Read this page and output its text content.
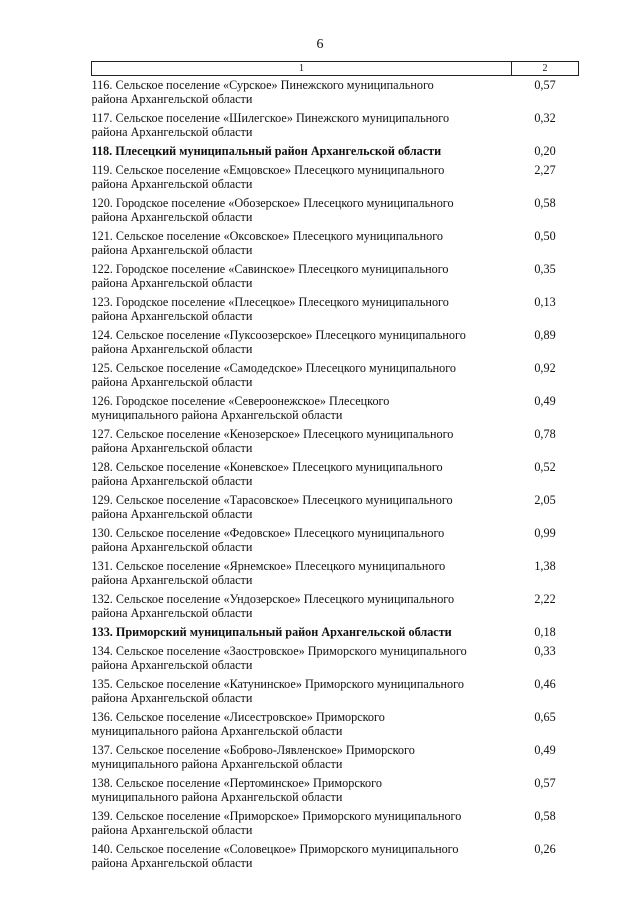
6
1	2

116. Сельское поселение «Сурское» Пинежского муниципального
района Архангельской области	0,57

117. Сельское поселение «Шилегское» Пинежского муниципального
района Архангельской области	0,32

118. Плесецкий муниципальный район Архангельской области	0,20

119. Сельское поселение «Емцовское» Плесецкого муниципального
района Архангельской области	2,27

120. Городское поселение «Обозерское» Плесецкого муниципального
района Архангельской области	0,58

121. Сельское поселение «Оксовское» Плесецкого муниципального
района Архангельской области	0,50

122. Городское поселение «Савинское» Плесецкого муниципального
района Архангельской области	0,35

123. Городское поселение «Плесецкое» Плесецкого муниципального
района Архангельской области	0,13

124. Сельское поселение «Пуксоозерское» Плесецкого муниципального
района Архангельской области	0,89

125. Сельское поселение «Самодедское» Плесецкого муниципального
района Архангельской области	0,92

126. Городское поселение «Североонежское» Плесецкого
муниципального района Архангельской области	0,49

127. Сельское поселение «Кенозерское» Плесецкого муниципального
района Архангельской области	0,78

128. Сельское поселение «Коневское» Плесецкого муниципального
района Архангельской области	0,52

129. Сельское поселение «Тарасовское» Плесецкого муниципального
района Архангельской области	2,05

130. Сельское поселение «Федовское» Плесецкого муниципального
района Архангельской области	0,99

131. Сельское поселение «Ярнемское» Плесецкого муниципального
района Архангельской области	1,38

132. Сельское поселение «Ундозерское» Плесецкого муниципального
района Архангельской области	2,22

133. Приморский муниципальный район Архангельской области	0,18

134. Сельское поселение «Заостровское» Приморского муниципального
района Архангельской области	0,33

135. Сельское поселение «Катунинское» Приморского муниципального
района Архангельской области	0,46

136. Сельское поселение «Лисестровское» Приморского
муниципального района Архангельской области	0,65

137. Сельское поселение «Боброво-Лявленское» Приморского
муниципального района Архангельской области	0,49

138. Сельское поселение «Пертоминское» Приморского
муниципального района Архангельской области	0,57

139. Сельское поселение «Приморское» Приморского муниципального
района Архангельской области	0,58

140. Сельское поселение «Соловецкое» Приморского муниципального
района Архангельской области	0,26
